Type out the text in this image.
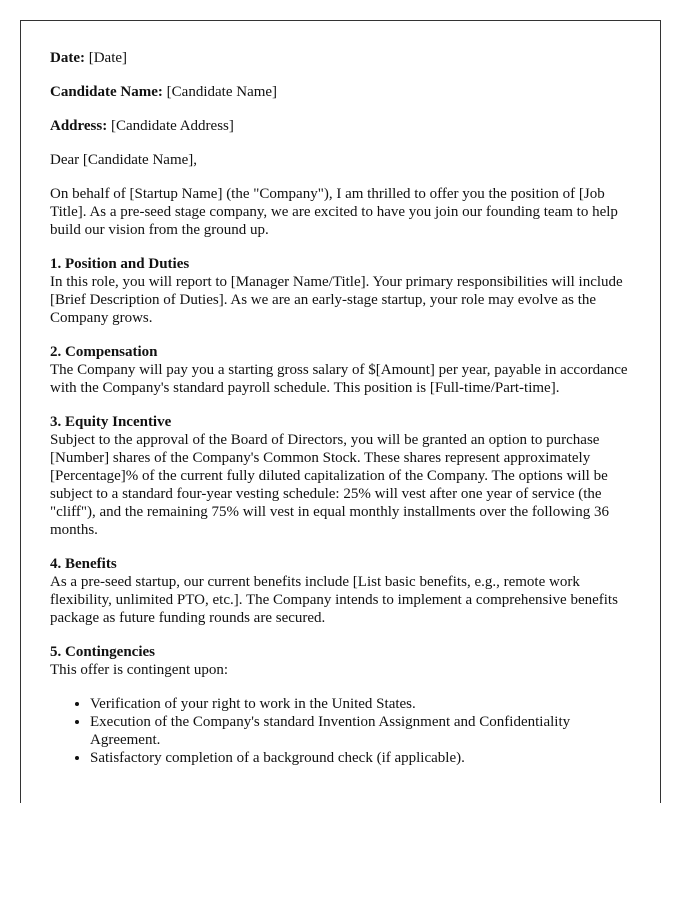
Date: [Date]

Candidate Name: [Candidate Name]

Address: [Candidate Address]

Dear [Candidate Name],

On behalf of [Startup Name] (the "Company"), I am thrilled to offer you the position of [Job Title]. As a pre-seed stage company, we are excited to have you join our founding team to help build our vision from the ground up.

1. Position and Duties
In this role, you will report to [Manager Name/Title]. Your primary responsibilities will include [Brief Description of Duties]. As we are an early-stage startup, your role may evolve as the Company grows.

2. Compensation
The Company will pay you a starting gross salary of $[Amount] per year, payable in accordance with the Company's standard payroll schedule. This position is [Full-time/Part-time].

3. Equity Incentive
Subject to the approval of the Board of Directors, you will be granted an option to purchase [Number] shares of the Company's Common Stock. These shares represent approximately [Percentage]% of the current fully diluted capitalization of the Company. The options will be subject to a standard four-year vesting schedule: 25% will vest after one year of service (the "cliff"), and the remaining 75% will vest in equal monthly installments over the following 36 months.

4. Benefits
As a pre-seed startup, our current benefits include [List basic benefits, e.g., remote work flexibility, unlimited PTO, etc.]. The Company intends to implement a comprehensive benefits package as future funding rounds are secured.

5. Contingencies
This offer is contingent upon:

• Verification of your right to work in the United States.
• Execution of the Company's standard Invention Assignment and Confidentiality Agreement.
• Satisfactory completion of a background check (if applicable).
